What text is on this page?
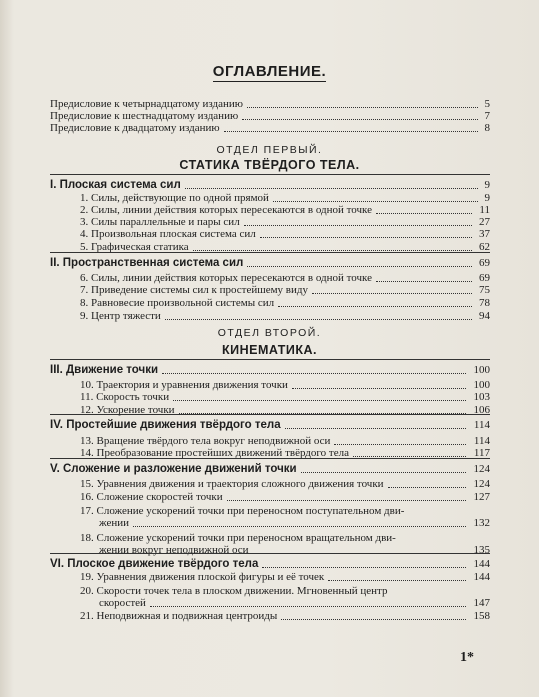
ОГЛАВЛЕНИЕ.
Предисловие к четырнадцатому изданию	5
Предисловие к шестнадцатому изданию	7
Предисловие к двадцатому изданию	8
ОТДЕЛ ПЕРВЫЙ.
СТАТИКА ТВЁРДОГО ТЕЛА.
I. Плоская система сил	9
1. Силы, действующие по одной прямой	9
2. Силы, линии действия которых пересекаются в одной точке	11
3. Силы параллельные и пары сил	27
4. Произвольная плоская система сил	37
5. Графическая статика	62
II. Пространственная система сил	69
6. Силы, линии действия которых пересекаются в одной точке	69
7. Приведение системы сил к простейшему виду	75
8. Равновесие произвольной системы сил	78
9. Центр тяжести	94
ОТДЕЛ ВТОРОЙ.
КИНЕМАТИКА.
III. Движение точки	100
10. Траектория и уравнения движения точки	100
11. Скорость точки	103
12. Ускорение точки	106
IV. Простейшие движения твёрдого тела	114
13. Вращение твёрдого тела вокруг неподвижной оси	114
14. Преобразование простейших движений твёрдого тела	117
V. Сложение и разложение движений точки	124
15. Уравнения движения и траектория сложного движения точки	124
16. Сложение скоростей точки	127
17. Сложение ускорений точки при переносном поступательном дви-
жении	132
18. Сложение ускорений точки при переносном вращательном дви-
жении вокруг неподвижной оси	135
VI. Плоское движение твёрдого тела	144
19. Уравнения движения плоской фигуры и её точек	144
20. Скорости точек тела в плоском движении. Мгновенный центр
скоростей	147
21. Неподвижная и подвижная центроиды	158
1*
